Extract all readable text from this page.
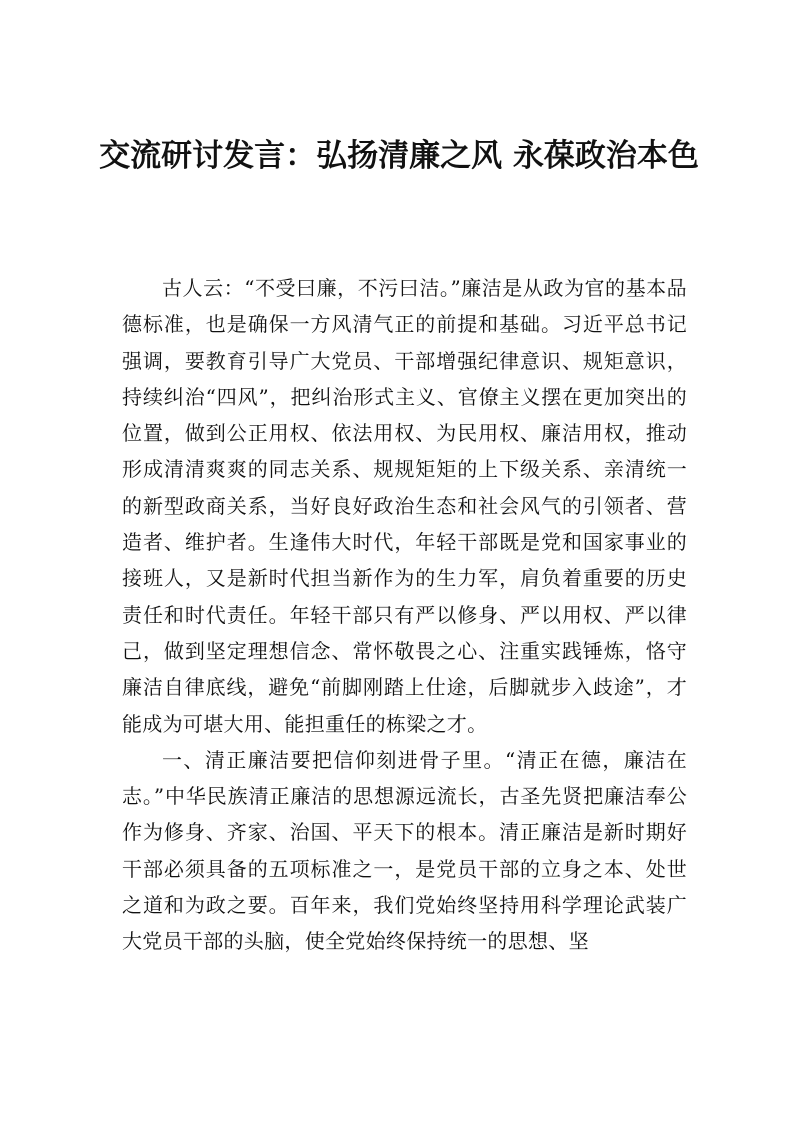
交流研讨发言：弘扬清廉之风 永葆政治本色

古人云：“不受曰廉，不污曰洁。”廉洁是从政为官的基本品德标准，也是确保一方风清气正的前提和基础。习近平总书记强调，要教育引导广大党员、干部增强纪律意识、规矩意识，持续纠治“四风”，把纠治形式主义、官僚主义摆在更加突出的位置，做到公正用权、依法用权、为民用权、廉洁用权，推动形成清清爽爽的同志关系、规规矩矩的上下级关系、亲清统一的新型政商关系，当好良好政治生态和社会风气的引领者、营造者、维护者。生逢伟大时代，年轻干部既是党和国家事业的接班人，又是新时代担当新作为的生力军，肩负着重要的历史责任和时代责任。年轻干部只有严以修身、严以用权、严以律己，做到坚定理想信念、常怀敬畏之心、注重实践锤炼，恪守廉洁自律底线，避免“前脚刚踏上仕途，后脚就步入歧途”，才能成为可堪大用、能担重任的栋梁之才。

一、清正廉洁要把信仰刻进骨子里。“清正在德，廉洁在志。”中华民族清正廉洁的思想源远流长，古圣先贤把廉洁奉公作为修身、齐家、治国、平天下的根本。清正廉洁是新时期好干部必须具备的五项标准之一，是党员干部的立身之本、处世之道和为政之要。百年来，我们党始终坚持用科学理论武装广大党员干部的头脑，使全党始终保持统一的思想、坚
